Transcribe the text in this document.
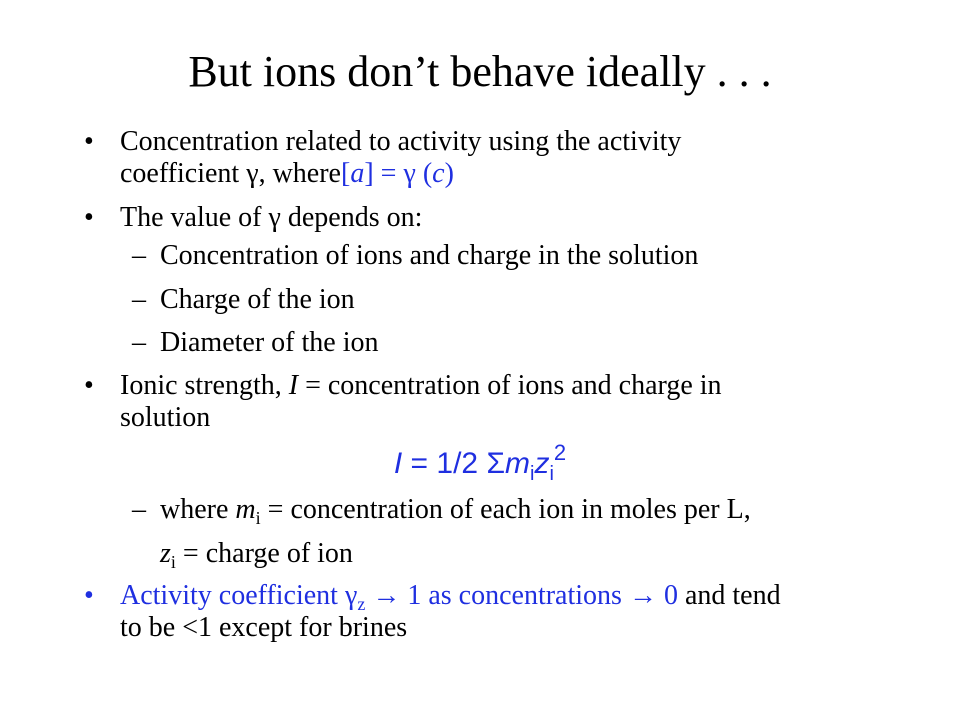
But ions don’t behave ideally . . .
• Concentration related to activity using the activity
coefficient γ, where[a] = γ (c)
• The value of γ depends on:
– Concentration of ions and charge in the solution
– Charge of the ion
– Diameter of the ion
• Ionic strength, I = concentration of ions and charge in
solution
I = 1/2 $\Sigma m_iz_i^2$
– where $m_i$ = concentration of each ion in moles per L,
$z_i$ = charge of ion
• Activity coefficient $\gamma_z \to 1$ as concentrations → 0 and tend
to be <1 except for brines
